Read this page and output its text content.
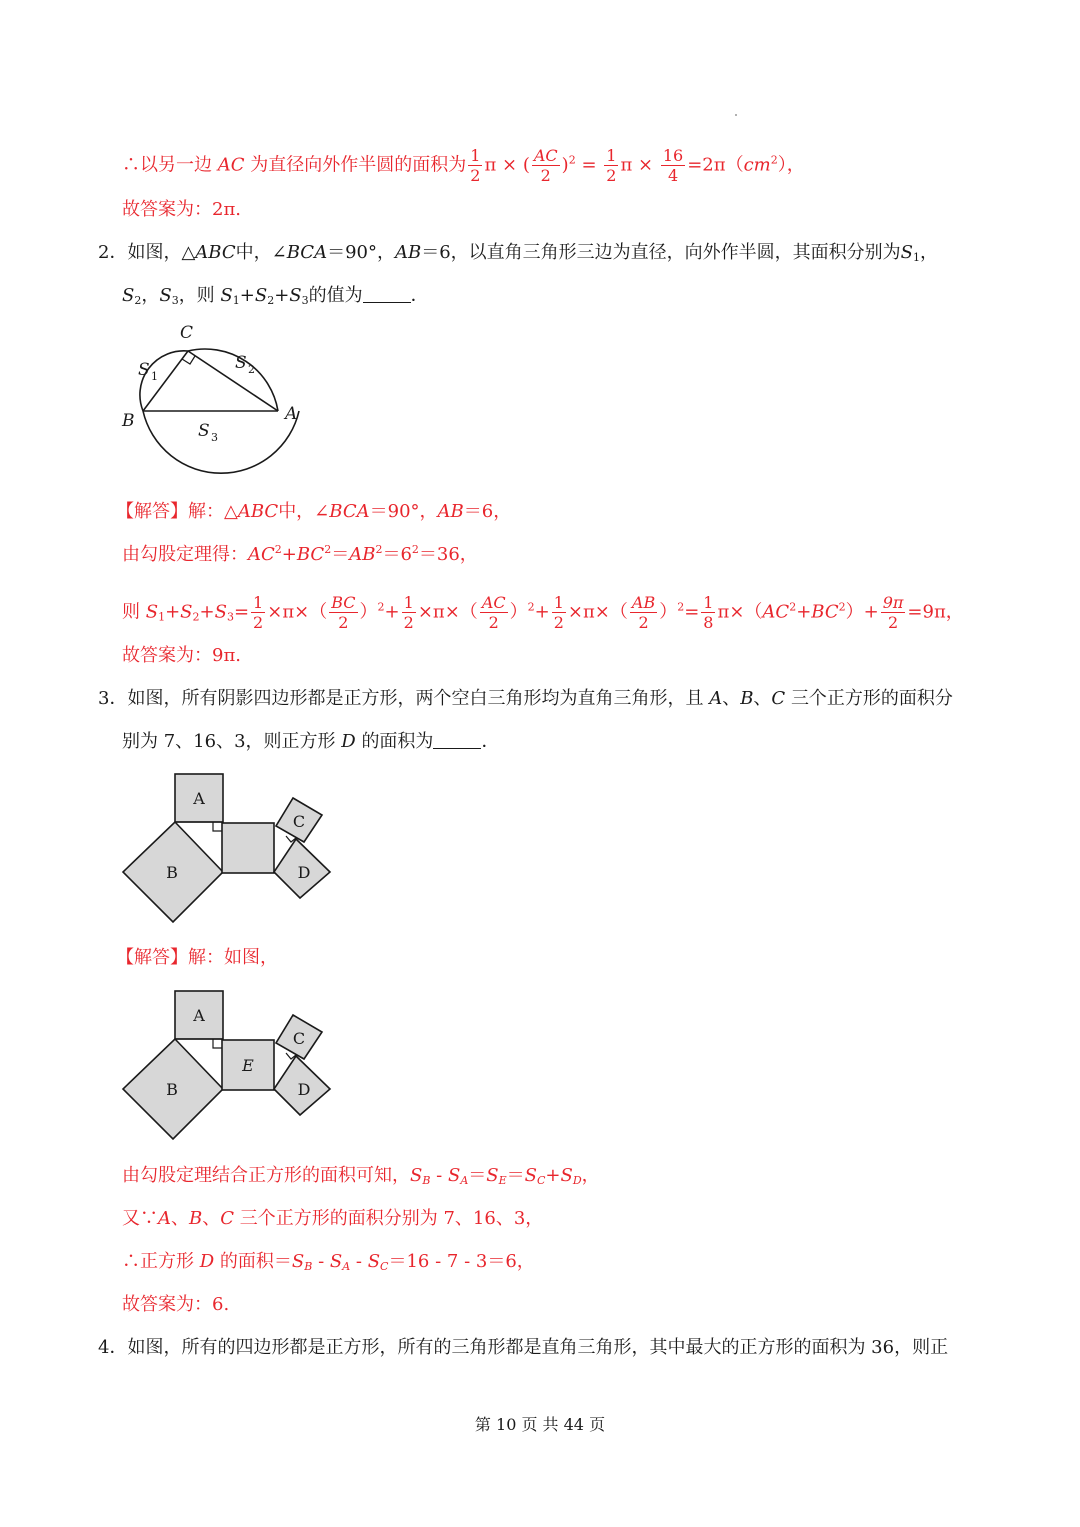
∴以另一边 AC 为直径向外作半圆的面积为 $\frac{1}{2}$ π × ( $\frac{AC}{2} )^2 = \frac{1}{2}$ $\pi \times \frac{16}{4} =2\pi(cm^2)$，
故答案为：2π.
2．如图，△ABC中，∠BCA＝90°，AB＝6，以直角三角形三边为直径，向外作半圆，其面积分别为$S_1$，
$S_2$，$S_3$，则 $S_1+S_2+S_3$的值为	．
C
B	A
S 1
S 2
S 3
【解答】解：△ABC中，∠BCA＝90°，AB＝6，
由勾股定理得：$AC^2+BC^2=AB^2=6^2=36$，
则 $S_1+S_2+S_3= \frac{1}{2} \times\pi\times( \frac{BC}{2} )^2+ \frac{1}{2} \times\pi\times( \frac{AC}{2} )^2+ \frac{1}{2} \times\pi\times( \frac{AB}{2} )^2= \frac{1}{8} \pi\times(AC^2+BC^2)+ \frac{9\pi}{2} =9\pi$，
故答案为：9π.
3．如图，所有阴影四边形都是正方形，两个空白三角形均为直角三角形，且 A、B、C 三个正方形的面积分
别为 7、16、3，则正方形 D 的面积为	．
A
B
C
D
【解答】解：如图，
A
B
E
C
D
由勾股定理结合正方形的面积可知，$S_B - S_A=S_E=S_C+S_D$，
又∵A、B、C 三个正方形的面积分别为 7、16、3，
∴正方形 D 的面积$=S_B - S_A - S_C=16 - 7 - 3=6$，
故答案为：6.
4．如图，所有的四边形都是正方形，所有的三角形都是直角三角形，其中最大的正方形的面积为 36，则正
第 10 页 共 44 页
